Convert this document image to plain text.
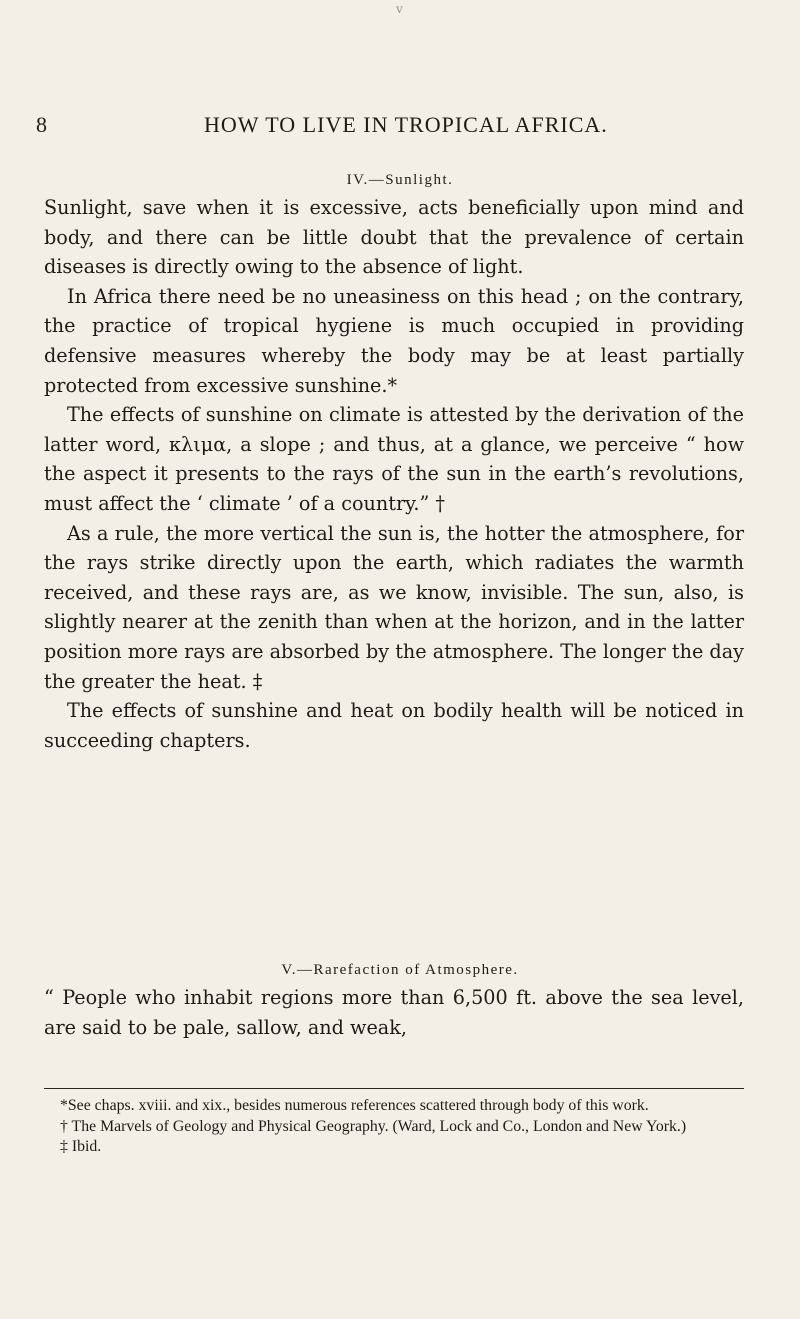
v
8	HOW TO LIVE IN TROPICAL AFRICA.
IV.—Sunlight.

Sunlight, save when it is excessive, acts beneficially upon mind and body, and there can be little doubt that the prevalence of certain diseases is directly owing to the absence of light.

In Africa there need be no uneasiness on this head ; on the contrary, the practice of tropical hygiene is much occupied in providing defensive measures whereby the body may be at least partially protected from excessive sunshine.*

The effects of sunshine on climate is attested by the derivation of the latter word, κλιμα, a slope ; and thus, at a glance, we perceive “ how the aspect it presents to the rays of the sun in the earth’s revolutions, must affect the ‘ climate ’ of a country.” †

As a rule, the more vertical the sun is, the hotter the atmosphere, for the rays strike directly upon the earth, which radiates the warmth received, and these rays are, as we know, invisible. The sun, also, is slightly nearer at the zenith than when at the horizon, and in the latter position more rays are absorbed by the atmosphere. The longer the day the greater the heat. ‡

The effects of sunshine and heat on bodily health will be noticed in succeeding chapters.

V.—Rarefaction of Atmosphere.

“ People who inhabit regions more than 6,500 ft. above the sea level, are said to be pale, sallow, and weak,

*See chaps. xviii. and xix., besides numerous references scattered through body of this work.

† The Marvels of Geology and Physical Geography. (Ward, Lock and Co., London and New York.)

‡ Ibid.
